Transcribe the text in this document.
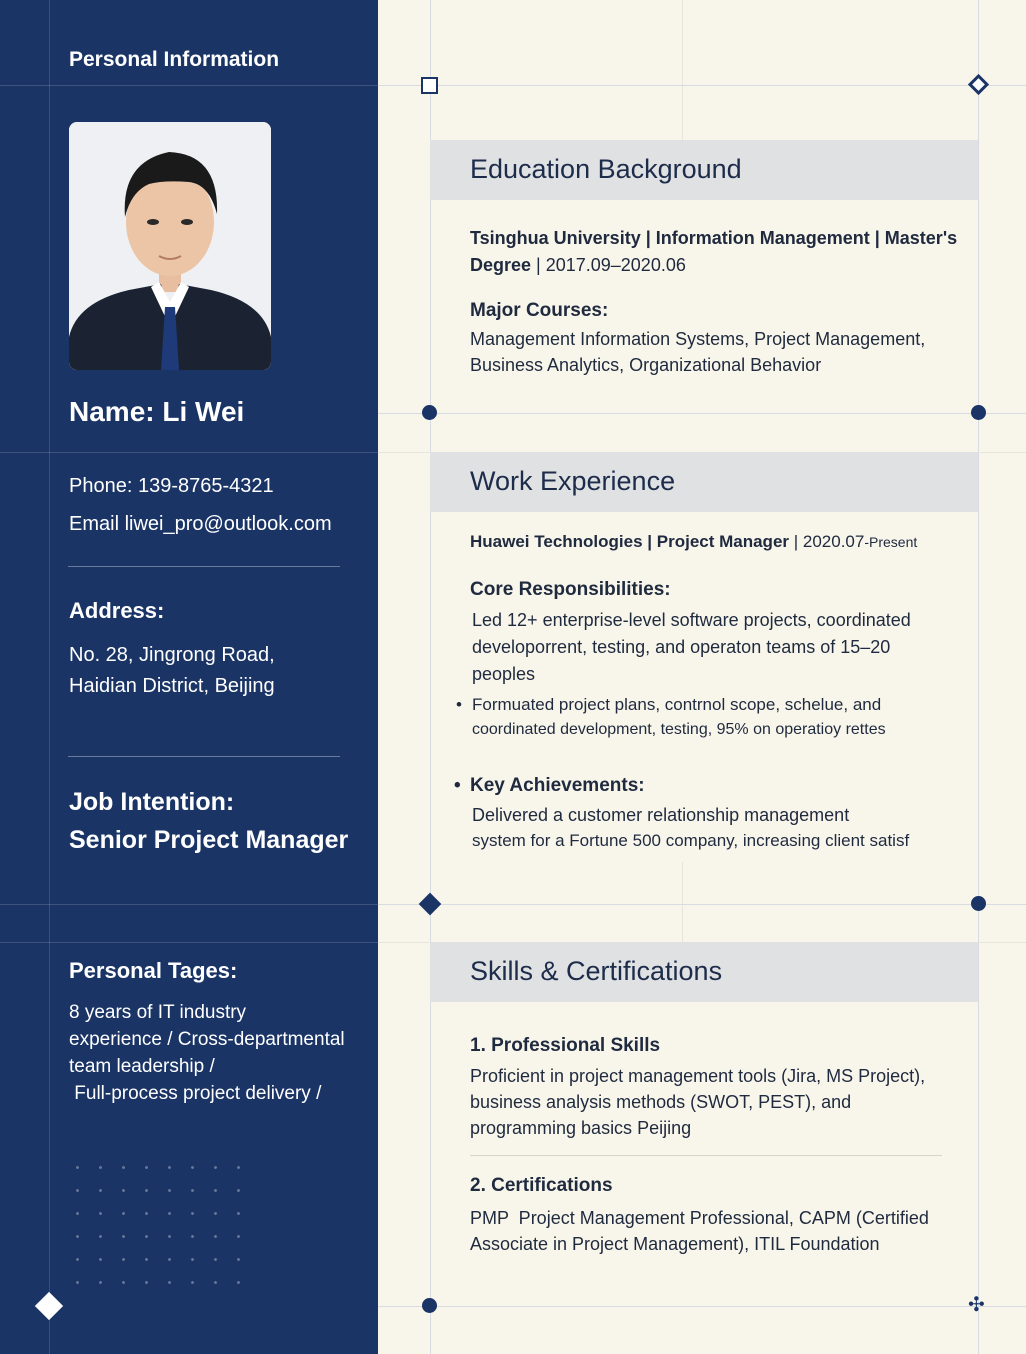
✣
Personal Information
Name: Li Wei
Phone: 139-8765-4321
Email liwei_pro@outlook.com
Address:
No. 28, Jingrong Road,
Haidian District, Beijing
Job Intention:
Senior Project Manager
Personal Tages:
8 years of IT industry
experience / Cross-departmental
team leadership /
Full-process project delivery /
Education Background
Tsinghua University | Information Management | Master's
Degree | 2017.09–2020.06
Major Courses:
Management Information Systems, Project Management,
Business Analytics, Organizational Behavior
Work Experience
Huawei Technologies | Project Manager | 2020.07-Present
Core Responsibilities:
Led 12+ enterprise-level software projects, coordinated
developorrent, testing, and operaton teams of 15–20
peoples
• Formuated project plans, contrnol scope, schelue, and
coordinated development, testing, 95% on operatioy rettes
• Key Achievements:
Delivered a customer relationship management
system for a Fortune 500 company, increasing client satisf
Skills & Certifications
1. Professional Skills
Proficient in project management tools (Jira, MS Project),
business analysis methods (SWOT, PEST), and
programming basics Peijing
2. Certifications
PMP  Project Management Professional, CAPM (Certified
Associate in Project Management), ITIL Foundation
